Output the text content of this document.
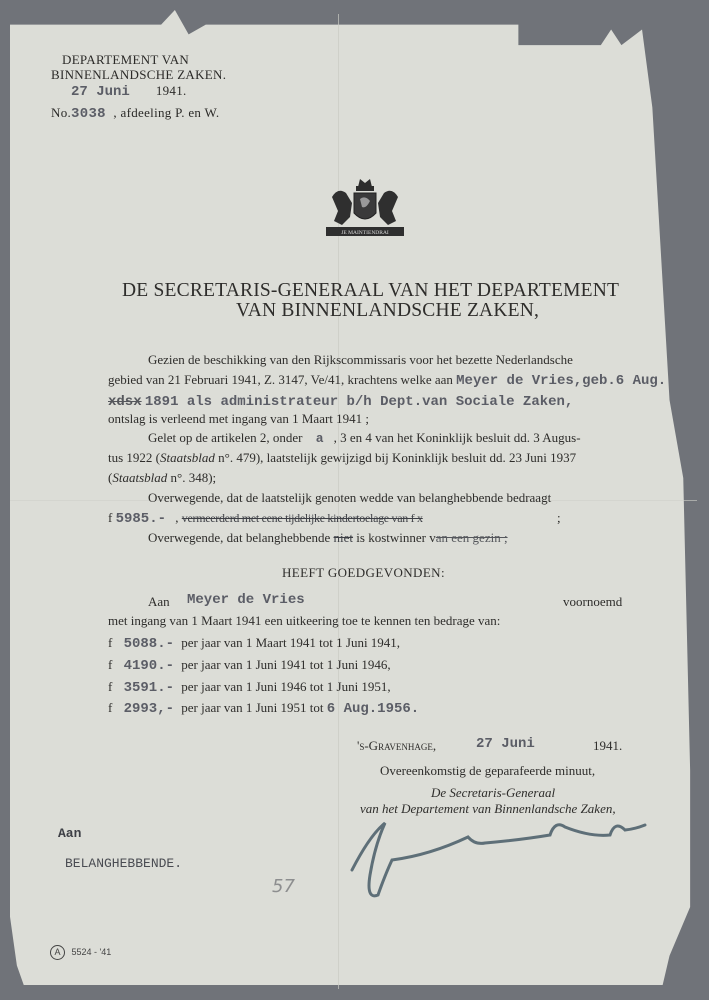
DEPARTEMENT VAN
BINNENLANDSCHE ZAKEN.
27 Juni 1941.
No.3038 , afdeeling P. en W.
JE MAINTIENDRAI
DE SECRETARIS-GENERAAL VAN HET DEPARTEMENT
VAN BINNENLANDSCHE ZAKEN,
Gezien de beschikking van den Rijkscommissaris voor het bezette Nederlandsche
gebied van 21 Februari 1941, Z. 3147, Ve/41, krachtens welke aan Meyer de Vries,geb.6 Aug.
xdsx 1891 als administrateur b/h Dept.van Sociale Zaken,
ontslag is verleend met ingang van 1 Maart 1941 ;
Gelet op de artikelen 2, onder a , 3 en 4 van het Koninklijk besluit dd. 3 Augus-
tus 1922 (Staatsblad n°. 479), laatstelijk gewijzigd bij Koninklijk besluit dd. 23 Juni 1937
(Staatsblad n°. 348);
Overwegende, dat de laatstelijk genoten wedde van belanghebbende bedraagt
f 5985.- , vermeerderd met eene tijdelijke kindertoelage van f x	;
Overwegende, dat belanghebbende niet is kostwinner van een gezin ;
HEEFT GOEDGEVONDEN:
Aan Meyer de Vries	voornoemd
met ingang van 1 Maart 1941 een uitkeering toe te kennen ten bedrage van:
f 5088.- per jaar van 1 Maart 1941 tot 1 Juni 1941,
f 4190.- per jaar van 1 Juni 1941 tot 1 Juni 1946,
f 3591.- per jaar van 1 Juni 1946 tot 1 Juni 1951,
f 2993,- per jaar van 1 Juni 1951 tot 6 Aug.1956.
's-Gravenhage,	27 Juni	1941.
Overeenkomstig de geparafeerde minuut,
De Secretaris-Generaal
van het Departement van Binnenlandsche Zaken,
Aan
BELANGHEBBENDE.
57
A 5524 - '41
